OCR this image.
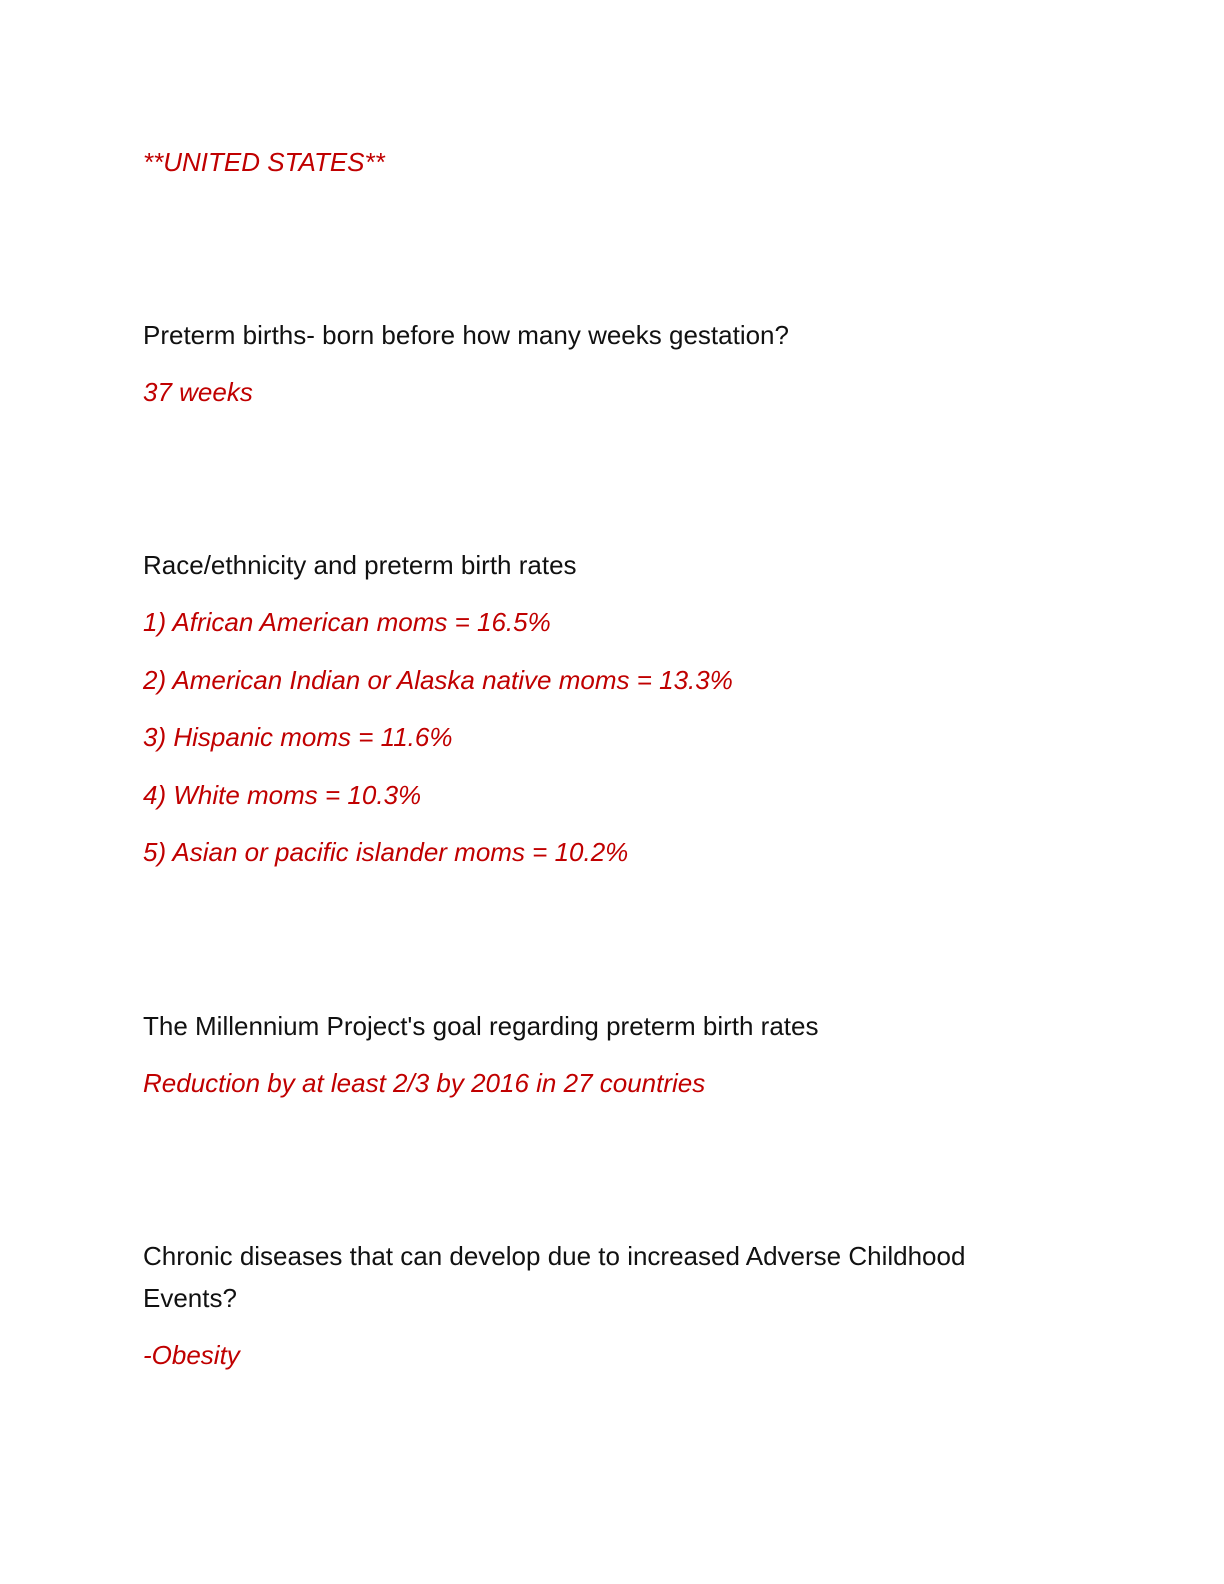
**UNITED STATES**
Preterm births- born before how many weeks gestation?
37 weeks
Race/ethnicity and preterm birth rates
1) African American moms = 16.5%
2) American Indian or Alaska native moms = 13.3%
3) Hispanic moms = 11.6%
4) White moms = 10.3%
5) Asian or pacific islander moms = 10.2%
The Millennium Project's goal regarding preterm birth rates
Reduction by at least 2/3 by 2016 in 27 countries
Chronic diseases that can develop due to increased Adverse Childhood
Events?
-Obesity
